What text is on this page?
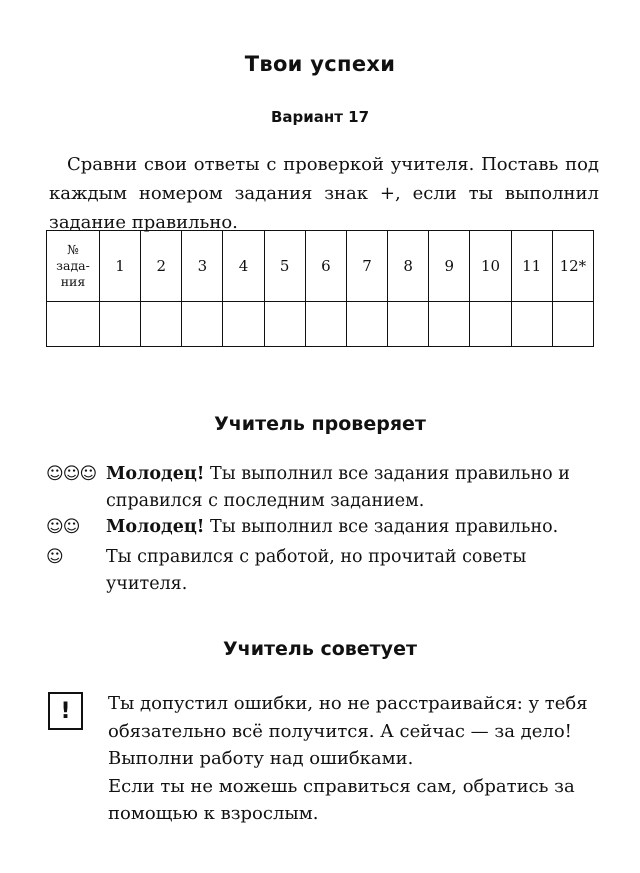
Твои успехи
Вариант 17
Сравни свои ответы с проверкой учителя. Поставь под каждым номером задания знак +, если ты выполнил задание правильно.
№
зада-
ния	1	2	3	4	5	6	7	8	9	10	11	12*

Учитель проверяет
☺☺☺ Молодец! Ты выполнил все задания правильно и справился с последним заданием.
☺☺ Молодец! Ты выполнил все задания правильно.
☺ Ты справился с работой, но прочитай советы учителя.
Учитель советует
!	Ты допустил ошибки, но не расстраивайся: у тебя обязательно всё получится. А сейчас — за дело!

Выполни работу над ошибками.

Если ты не можешь справиться сам, обратись за помощью к взрослым.
